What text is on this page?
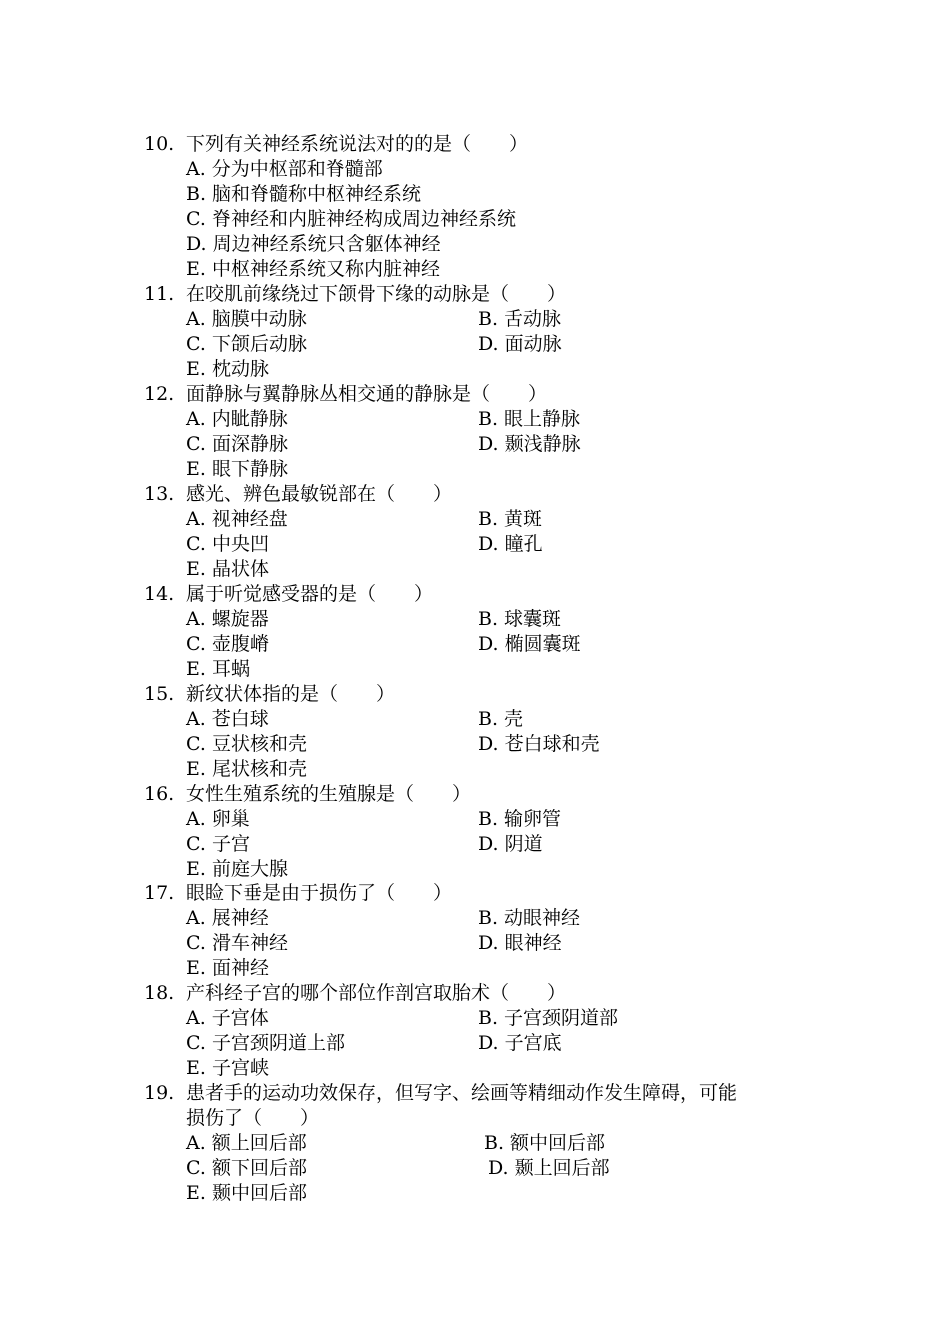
10. 下列有关神经系统说法对的的是（　　）
A. 分为中枢部和脊髓部
B. 脑和脊髓称中枢神经系统
C. 脊神经和内脏神经构成周边神经系统
D. 周边神经系统只含躯体神经
E. 中枢神经系统又称内脏神经
11. 在咬肌前缘绕过下颌骨下缘的动脉是（　　）
A. 脑膜中动脉	B. 舌动脉
C. 下颌后动脉	D. 面动脉
E. 枕动脉
12. 面静脉与翼静脉丛相交通的静脉是（　　）
A. 内眦静脉	B. 眼上静脉
C. 面深静脉	D. 颞浅静脉
E. 眼下静脉
13. 感光、辨色最敏锐部在（　　）
A. 视神经盘	B. 黄斑
C. 中央凹	D. 瞳孔
E. 晶状体
14. 属于听觉感受器的是（　　）
A. 螺旋器	B. 球囊斑
C. 壶腹嵴	D. 椭圆囊斑
E. 耳蜗
15. 新纹状体指的是（　　）
A. 苍白球	B. 壳
C. 豆状核和壳	D. 苍白球和壳
E. 尾状核和壳
16. 女性生殖系统的生殖腺是（　　）
A. 卵巢	B. 输卵管
C. 子宫	D. 阴道
E. 前庭大腺
17. 眼睑下垂是由于损伤了（　　）
A. 展神经	B. 动眼神经
C. 滑车神经	D. 眼神经
E. 面神经
18. 产科经子宫的哪个部位作剖宫取胎术（　　）
A. 子宫体	B. 子宫颈阴道部
C. 子宫颈阴道上部	D. 子宫底
E. 子宫峡
19. 患者手的运动功效保存，但写字、绘画等精细动作发生障碍，可能
损伤了（　　）
A. 额上回后部	B. 额中回后部
C. 额下回后部	D. 颞上回后部
E. 颞中回后部
